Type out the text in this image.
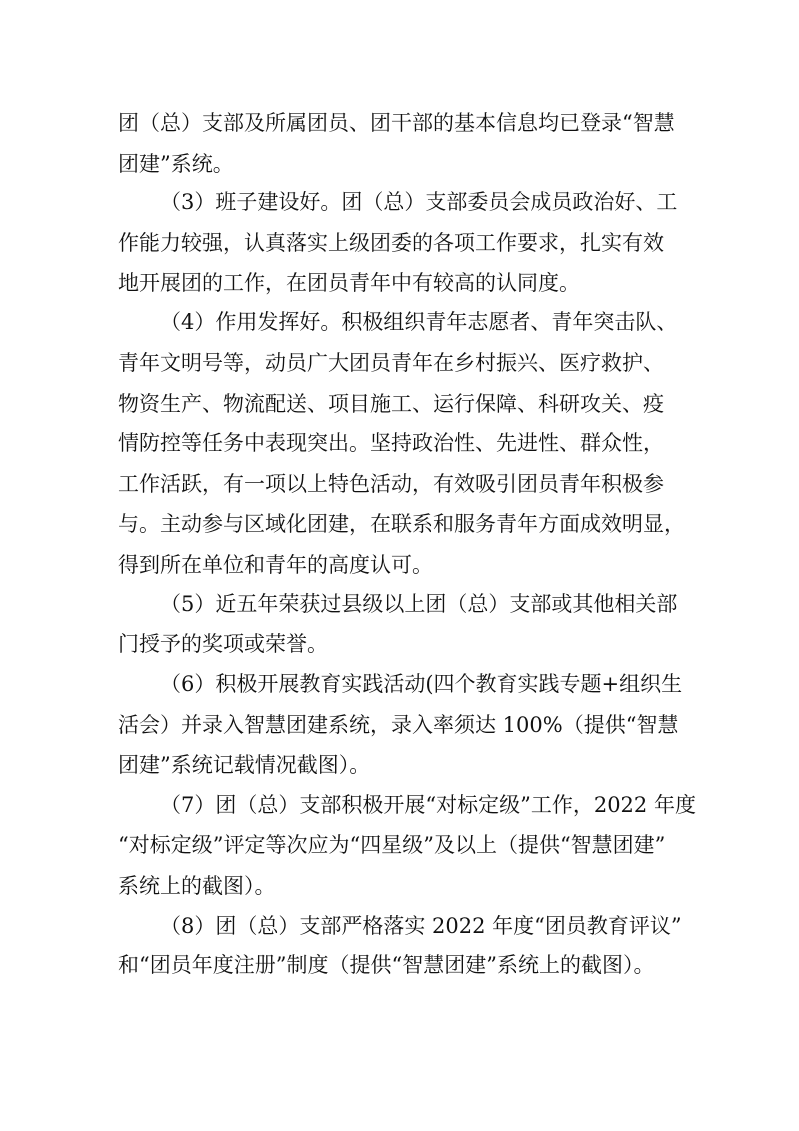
团（总）支部及所属团员、团干部的基本信息均已登录“智慧
团建”系统。
（3）班子建设好。团（总）支部委员会成员政治好、工
作能力较强，认真落实上级团委的各项工作要求，扎实有效
地开展团的工作，在团员青年中有较高的认同度。
（4）作用发挥好。积极组织青年志愿者、青年突击队、
青年文明号等，动员广大团员青年在乡村振兴、医疗救护、
物资生产、物流配送、项目施工、运行保障、科研攻关、疫
情防控等任务中表现突出。坚持政治性、先进性、群众性，
工作活跃，有一项以上特色活动，有效吸引团员青年积极参
与。主动参与区域化团建，在联系和服务青年方面成效明显，
得到所在单位和青年的高度认可。
（5）近五年荣获过县级以上团（总）支部或其他相关部
门授予的奖项或荣誉。
（6）积极开展教育实践活动(四个教育实践专题+组织生
活会）并录入智慧团建系统，录入率须达 100%（提供“智慧
团建”系统记载情况截图）。
（7）团（总）支部积极开展“对标定级”工作，2022 年度
“对标定级”评定等次应为“四星级”及以上（提供“智慧团建”
系统上的截图）。
（8）团（总）支部严格落实 2022 年度“团员教育评议”
和“团员年度注册”制度（提供“智慧团建”系统上的截图）。
